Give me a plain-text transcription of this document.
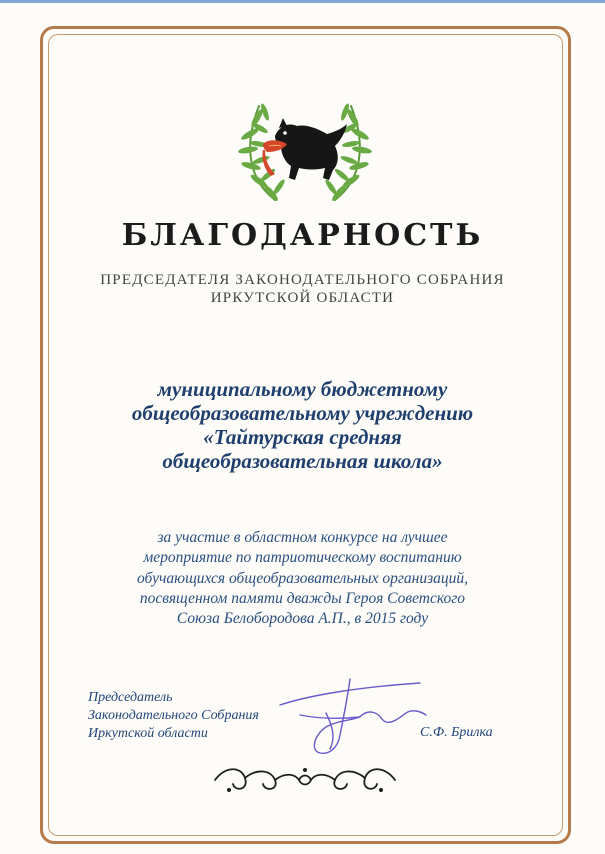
БЛАГОДАРНОСТЬ
ПРЕДСЕДАТЕЛЯ ЗАКОНОДАТЕЛЬНОГО СОБРАНИЯ
ИРКУТСКОЙ ОБЛАСТИ
муниципальному бюджетному
общеобразовательному учреждению
«Тайтурская средняя
общеобразовательная школа»
за участие в областном конкурсе на лучшее
мероприятие по патриотическому воспитанию
обучающихся общеобразовательных организаций,
посвященном памяти дважды Героя Советского
Союза Белобородова А.П., в 2015 году
Председатель
Законодательного Собрания
Иркутской области	С.Ф. Брилка
